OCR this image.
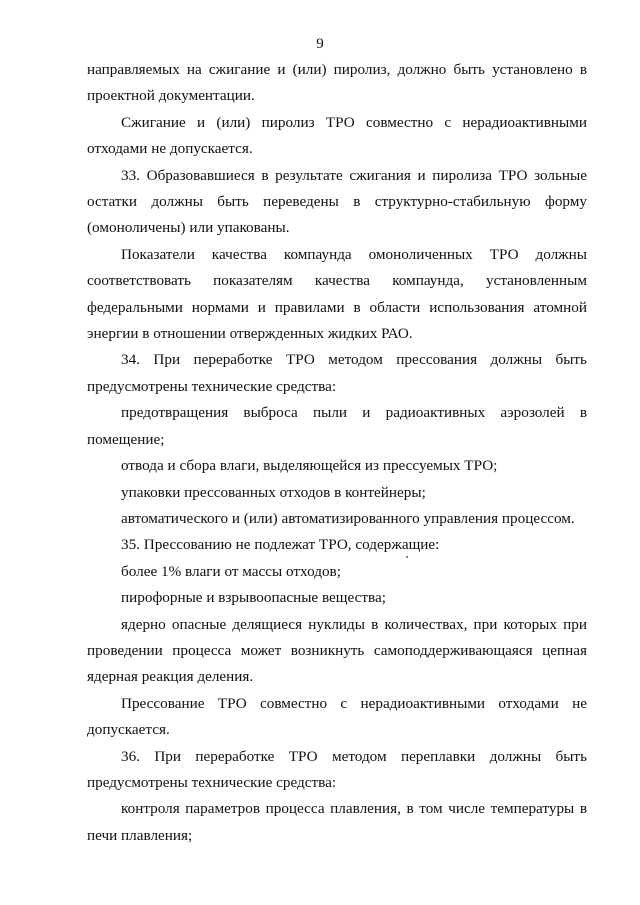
9

направляемых на сжигание и (или) пиролиз, должно быть установлено в проектной документации.

Сжигание и (или) пиролиз ТРО совместно с нерадиоактивными отходами не допускается.

33. Образовавшиеся в результате сжигания и пиролиза ТРО зольные остатки должны быть переведены в структурно-стабильную форму (омоноличены) или упакованы.

Показатели качества компаунда омоноличенных ТРО должны соответствовать показателям качества компаунда, установленным федеральными нормами и правилами в области использования атомной энергии в отношении отвержденных жидких РАО.

34. При переработке ТРО методом прессования должны быть предусмотрены технические средства:

предотвращения выброса пыли и радиоактивных аэрозолей в помещение;

отвода и сбора влаги, выделяющейся из прессуемых ТРО;

упаковки прессованных отходов в контейнеры;

автоматического и (или) автоматизированного управления процессом.

35. Прессованию не подлежат ТРО, содержащие:

более 1% влаги от массы отходов;

пирофорные и взрывоопасные вещества;

ядерно опасные делящиеся нуклиды в количествах, при которых при проведении процесса может возникнуть самоподдерживающаяся цепная ядерная реакция деления.

Прессование ТРО совместно с нерадиоактивными отходами не допускается.

36. При переработке ТРО методом переплавки должны быть предусмотрены технические средства:

контроля параметров процесса плавления, в том числе температуры в печи плавления;
